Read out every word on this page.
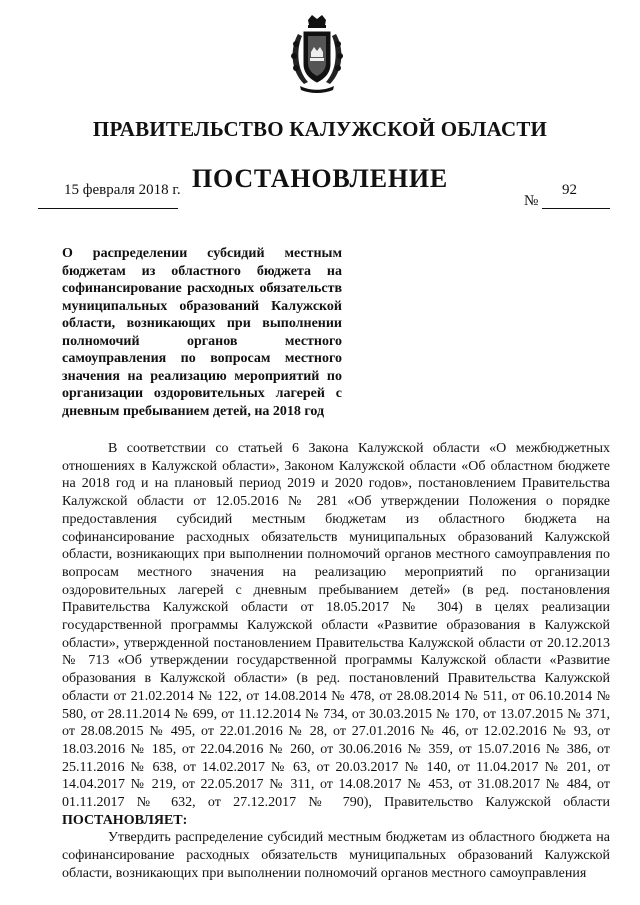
ПРАВИТЕЛЬСТВО КАЛУЖСКОЙ ОБЛАСТИ
ПОСТАНОВЛЕНИЕ
15 февраля 2018 г.
№
92
О распределении субсидий местным бюджетам из областного бюджета на софинансирование расходных обязательств муниципальных образований Калужской области, возникающих при выполнении полномочий органов местного самоуправления по вопросам местного значения на реализацию мероприятий по организации оздоровительных лагерей с дневным пребыванием детей, на 2018 год

В соответствии со статьей 6 Закона Калужской области «О межбюджетных отношениях в Калужской области», Законом Калужской области «Об областном бюджете на 2018 год и на плановый период 2019 и 2020 годов», постановлением Правительства Калужской области от 12.05.2016 № 281 «Об утверждении Положения о порядке предоставления субсидий местным бюджетам из областного бюджета на софинансирование расходных обязательств муниципальных образований Калужской области, возникающих при выполнении полномочий органов местного самоуправления по вопросам местного значения на реализацию мероприятий по организации оздоровительных лагерей с дневным пребыванием детей» (в ред. постановления Правительства Калужской области от 18.05.2017 № 304) в целях реализации государственной программы Калужской области «Развитие образования в Калужской области», утвержденной постановлением Правительства Калужской области от 20.12.2013 № 713 «Об утверждении государственной программы Калужской области «Развитие образования в Калужской области» (в ред. постановлений Правительства Калужской области от 21.02.2014 № 122, от 14.08.2014 № 478, от 28.08.2014 № 511, от 06.10.2014 № 580, от 28.11.2014 № 699, от 11.12.2014 № 734, от 30.03.2015 № 170, от 13.07.2015 № 371, от 28.08.2015 № 495, от 22.01.2016 № 28, от 27.01.2016 № 46, от 12.02.2016 № 93, от 18.03.2016 № 185, от 22.04.2016 № 260, от 30.06.2016 № 359, от 15.07.2016 № 386, от 25.11.2016 № 638, от 14.02.2017 № 63, от 20.03.2017 № 140, от 11.04.2017 № 201, от 14.04.2017 № 219, от 22.05.2017 № 311, от 14.08.2017 № 453, от 31.08.2017 № 484, от 01.11.2017 № 632, от 27.12.2017 № 790), Правительство Калужской области ПОСТАНОВЛЯЕТ:

Утвердить распределение субсидий местным бюджетам из областного бюджета на софинансирование расходных обязательств муниципальных образований Калужской области, возникающих при выполнении полномочий органов местного самоуправления
